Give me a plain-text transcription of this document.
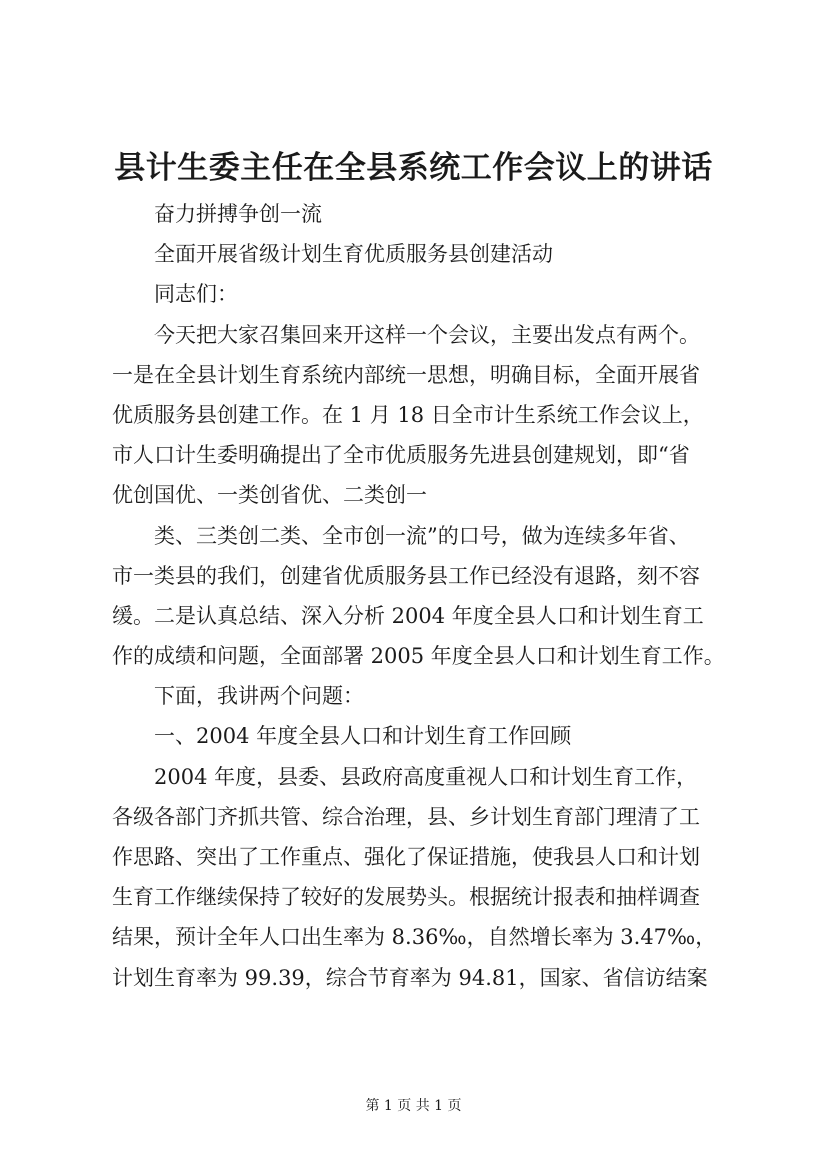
县计生委主任在全县系统工作会议上的讲话

奋力拼搏争创一流

全面开展省级计划生育优质服务县创建活动

同志们：

今天把大家召集回来开这样一个会议，主要出发点有两个。

一是在全县计划生育系统内部统一思想，明确目标，全面开展省

优质服务县创建工作。在 1 月 18 日全市计生系统工作会议上，

市人口计生委明确提出了全市优质服务先进县创建规划，即“省

优创国优、一类创省优、二类创一

类、三类创二类、全市创一流”的口号，做为连续多年省、

市一类县的我们，创建省优质服务县工作已经没有退路，刻不容

缓。二是认真总结、深入分析 2004 年度全县人口和计划生育工

作的成绩和问题，全面部署 2005 年度全县人口和计划生育工作。

下面，我讲两个问题：

一、2004 年度全县人口和计划生育工作回顾

2004 年度，县委、县政府高度重视人口和计划生育工作，

各级各部门齐抓共管、综合治理，县、乡计划生育部门理清了工

作思路、突出了工作重点、强化了保证措施，使我县人口和计划

生育工作继续保持了较好的发展势头。根据统计报表和抽样调查

结果，预计全年人口出生率为 8.36‰，自然增长率为 3.47‰，

计划生育率为 99.39，综合节育率为 94.81，国家、省信访结案

第 1 页 共 1 页
